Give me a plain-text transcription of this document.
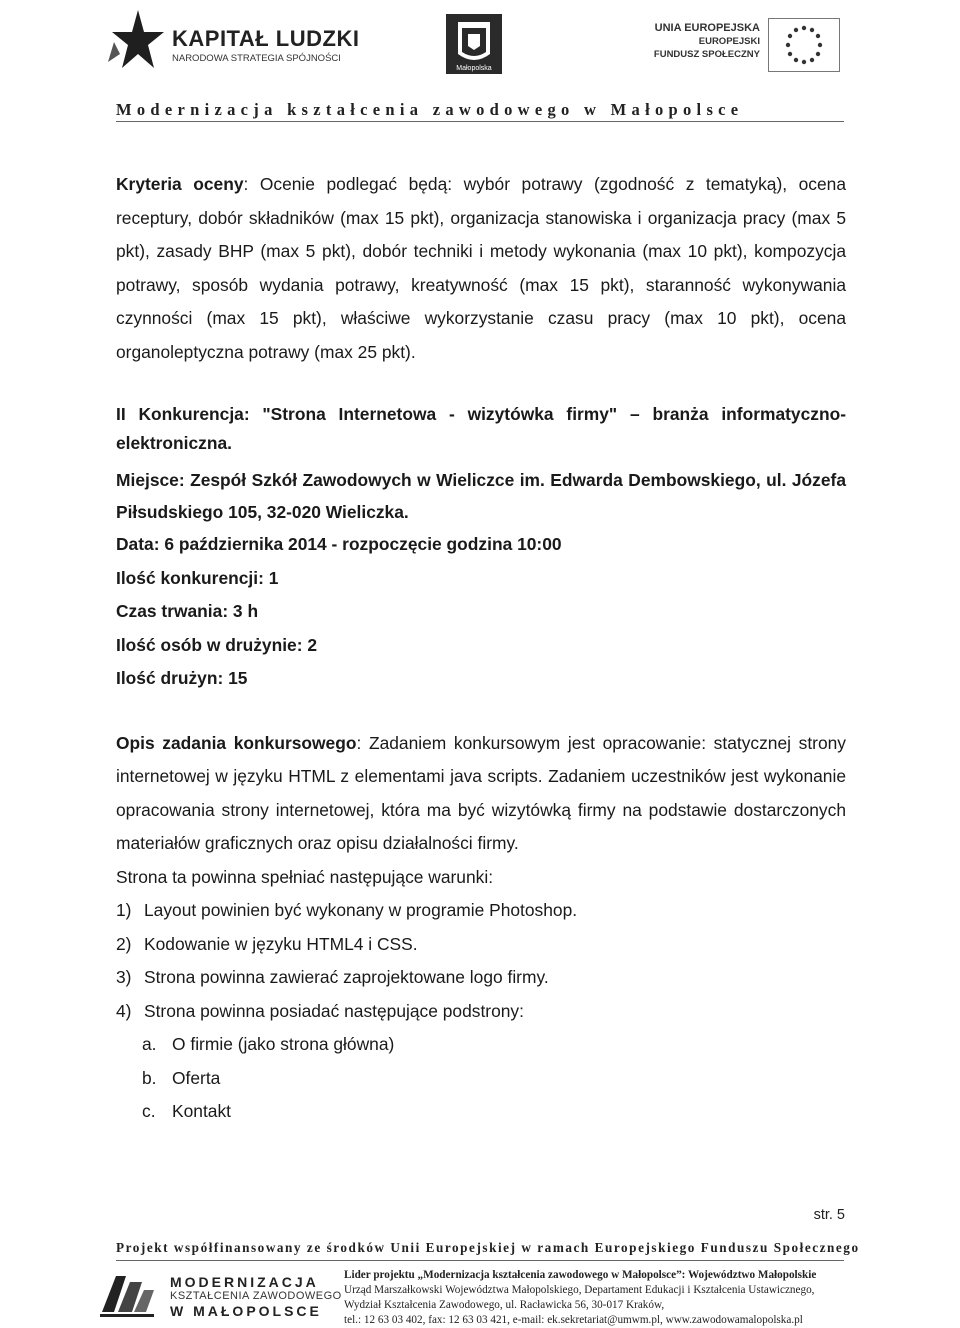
KAPITAŁ LUDZKI
NARODOWA STRATEGIA SPÓJNOŚCI
Małopolska
UNIA EUROPEJSKA
EUROPEJSKI
FUNDUSZ SPOŁECZNY
Modernizacja kształcenia zawodowego w Małopolsce

Kryteria oceny: Ocenie podlegać będą: wybór potrawy (zgodność z tematyką), ocena receptury, dobór składników (max 15 pkt), organizacja stanowiska i organizacja pracy (max 5 pkt), zasady BHP (max 5 pkt), dobór techniki i metody wykonania (max 10 pkt), kompozycja potrawy, sposób wydania potrawy, kreatywność (max 15 pkt), staranność wykonywania czynności (max 15 pkt), właściwe wykorzystanie czasu pracy (max 10 pkt), ocena organoleptyczna potrawy (max 25 pkt).

II Konkurencja: "Strona Internetowa - wizytówka firmy" – branża informatyczno- elektroniczna.

Miejsce: Zespół Szkół Zawodowych w Wieliczce im. Edwarda Dembowskiego, ul. Józefa Piłsudskiego 105, 32-020 Wieliczka.

Data: 6 października 2014 - rozpoczęcie godzina 10:00

Ilość konkurencji: 1

Czas trwania: 3 h

Ilość osób w drużynie: 2

Ilość drużyn: 15

Opis zadania konkursowego: Zadaniem konkursowym jest opracowanie: statycznej strony internetowej w języku HTML z elementami java scripts. Zadaniem uczestników jest wykonanie opracowania strony internetowej, która ma być wizytówką firmy na podstawie dostarczonych materiałów graficznych oraz opisu działalności firmy.

Strona ta powinna spełniać następujące warunki:

1) Layout powinien być wykonany w programie Photoshop.
2) Kodowanie w języku HTML4 i CSS.
3) Strona powinna zawierać zaprojektowane logo firmy.
4) Strona powinna posiadać następujące podstrony:
a. O firmie (jako strona główna)
b. Oferta
c. Kontakt
str. 5
Projekt współfinansowany ze środków Unii Europejskiej w ramach Europejskiego Funduszu Społecznego
MODERNIZACJA
KSZTAŁCENIA ZAWODOWEGO
W MAŁOPOLSCE
Lider projektu „Modernizacja kształcenia zawodowego w Małopolsce”: Województwo Małopolskie
Urząd Marszałkowski Województwa Małopolskiego, Departament Edukacji i Kształcenia Ustawicznego,
Wydział Kształcenia Zawodowego, ul. Racławicka 56, 30-017 Kraków,
tel.: 12 63 03 402, fax: 12 63 03 421, e-mail: ek.sekretariat@umwm.pl, www.zawodowamalopolska.pl
